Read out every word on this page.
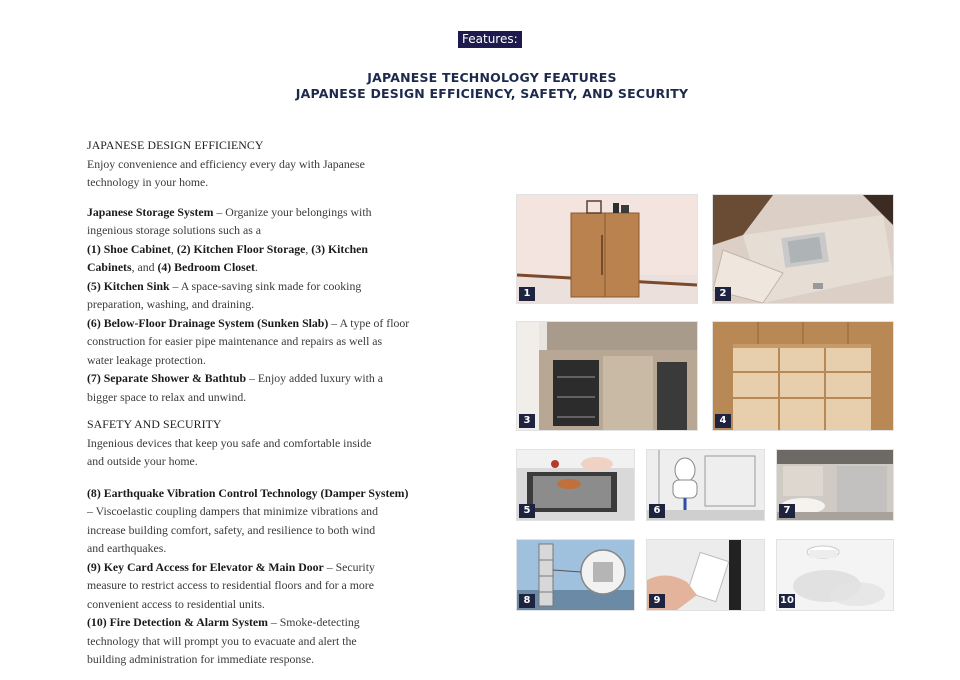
Features:
JAPANESE TECHNOLOGY FEATURES
JAPANESE DESIGN EFFICIENCY, SAFETY, AND SECURITY
JAPANESE DESIGN EFFICIENCY
Enjoy convenience and efficiency every day with Japanese
technology in your home.
Japanese Storage System – Organize your belongings with
ingenious storage solutions such as a
(1) Shoe Cabinet, (2) Kitchen Floor Storage, (3) Kitchen
Cabinets, and (4) Bedroom Closet.
(5) Kitchen Sink – A space-saving sink made for cooking
preparation, washing, and draining.
(6) Below-Floor Drainage System (Sunken Slab) – A type of floor
construction for easier pipe maintenance and repairs as well as
water leakage protection.
(7) Separate Shower & Bathtub – Enjoy added luxury with a
bigger space to relax and unwind.
SAFETY AND SECURITY
Ingenious devices that keep you safe and comfortable inside
and outside your home.
(8) Earthquake Vibration Control Technology (Damper System)
– Viscoelastic coupling dampers that minimize vibrations and
increase building comfort, safety, and resilience to both wind
and earthquakes.
(9) Key Card Access for Elevator & Main Door – Security
measure to restrict access to residential floors and for a more
convenient access to residential units.
(10) Fire Detection & Alarm System – Smoke-detecting
technology that will prompt you to evacuate and alert the
building administration for immediate response.
1	2
3	4
5	6	7
8	9	10
